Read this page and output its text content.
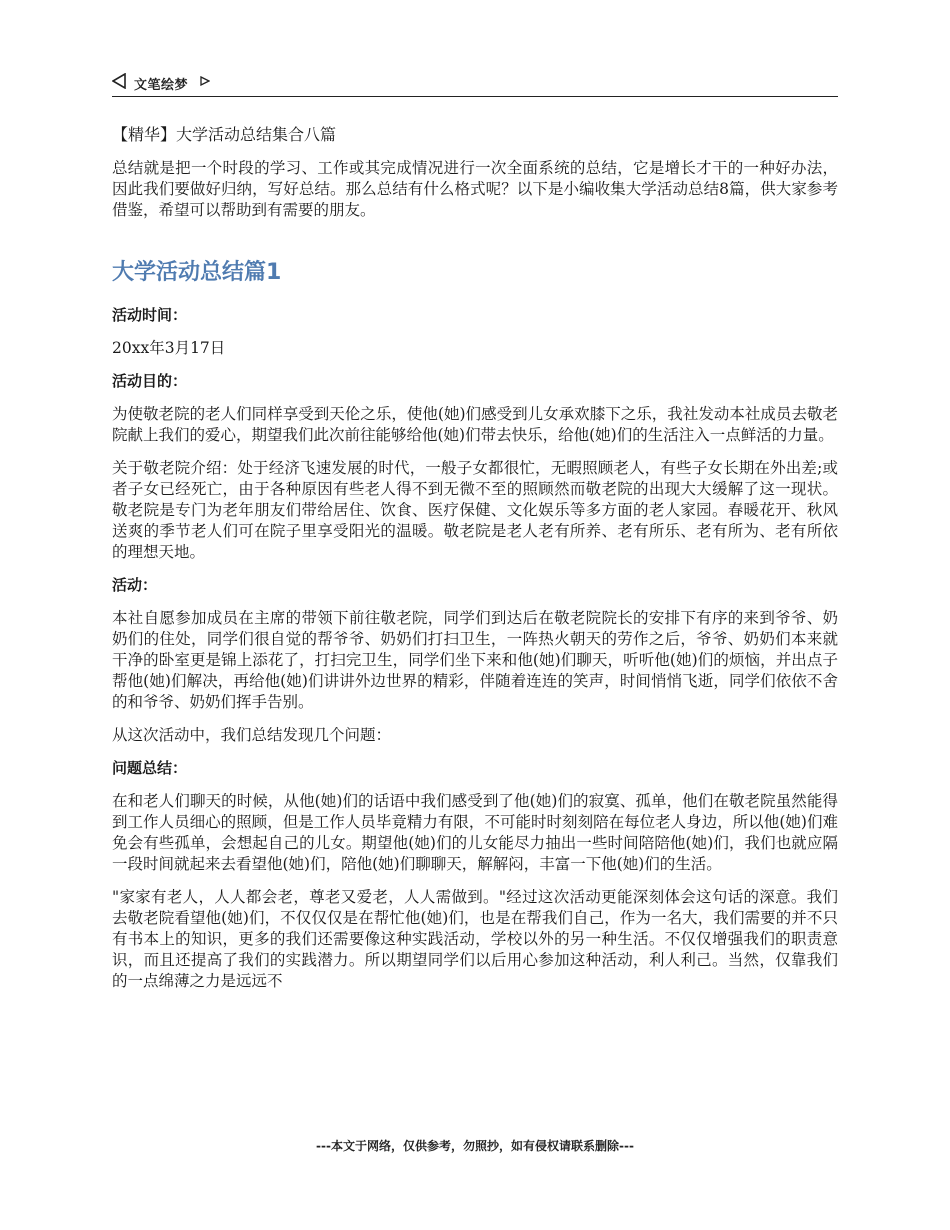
文笔绘梦

【精华】大学活动总结集合八篇

总结就是把一个时段的学习、工作或其完成情况进行一次全面系统的总结，它是增长才干的一种好办法，因此我们要做好归纳，写好总结。那么总结有什么格式呢？以下是小编收集大学活动总结8篇，供大家参考借鉴，希望可以帮助到有需要的朋友。

大学活动总结篇1

活动时间：

20xx年3月17日

活动目的：

为使敬老院的老人们同样享受到天伦之乐，使他(她)们感受到儿女承欢膝下之乐，我社发动本社成员去敬老院献上我们的爱心，期望我们此次前往能够给他(她)们带去快乐，给他(她)们的生活注入一点鲜活的力量。

关于敬老院介绍：处于经济飞速发展的时代，一般子女都很忙，无暇照顾老人，有些子女长期在外出差;或者子女已经死亡，由于各种原因有些老人得不到无微不至的照顾然而敬老院的出现大大缓解了这一现状。敬老院是专门为老年朋友们带给居住、饮食、医疗保健、文化娱乐等多方面的老人家园。春暖花开、秋风送爽的季节老人们可在院子里享受阳光的温暖。敬老院是老人老有所养、老有所乐、老有所为、老有所依的理想天地。

活动：

本社自愿参加成员在主席的带领下前往敬老院，同学们到达后在敬老院院长的安排下有序的来到爷爷、奶奶们的住处，同学们很自觉的帮爷爷、奶奶们打扫卫生，一阵热火朝天的劳作之后，爷爷、奶奶们本来就干净的卧室更是锦上添花了，打扫完卫生，同学们坐下来和他(她)们聊天，听听他(她)们的烦恼，并出点子帮他(她)们解决，再给他(她)们讲讲外边世界的精彩，伴随着连连的笑声，时间悄悄飞逝，同学们依依不舍的和爷爷、奶奶们挥手告别。

从这次活动中，我们总结发现几个问题：

问题总结：

在和老人们聊天的时候，从他(她)们的话语中我们感受到了他(她)们的寂寞、孤单，他们在敬老院虽然能得到工作人员细心的照顾，但是工作人员毕竟精力有限，不可能时时刻刻陪在每位老人身边，所以他(她)们难免会有些孤单，会想起自己的儿女。期望他(她)们的儿女能尽力抽出一些时间陪陪他(她)们，我们也就应隔一段时间就起来去看望他(她)们，陪他(她)们聊聊天，解解闷，丰富一下他(她)们的生活。

"家家有老人，人人都会老，尊老又爱老，人人需做到。"经过这次活动更能深刻体会这句话的深意。我们去敬老院看望他(她)们，不仅仅仅是在帮忙他(她)们，也是在帮我们自己，作为一名大，我们需要的并不只有书本上的知识，更多的我们还需要像这种实践活动，学校以外的另一种生活。不仅仅增强我们的职责意识，而且还提高了我们的实践潜力。所以期望同学们以后用心参加这种活动，利人利己。当然，仅靠我们的一点绵薄之力是远远不

---本文于网络，仅供参考，勿照抄，如有侵权请联系删除---
